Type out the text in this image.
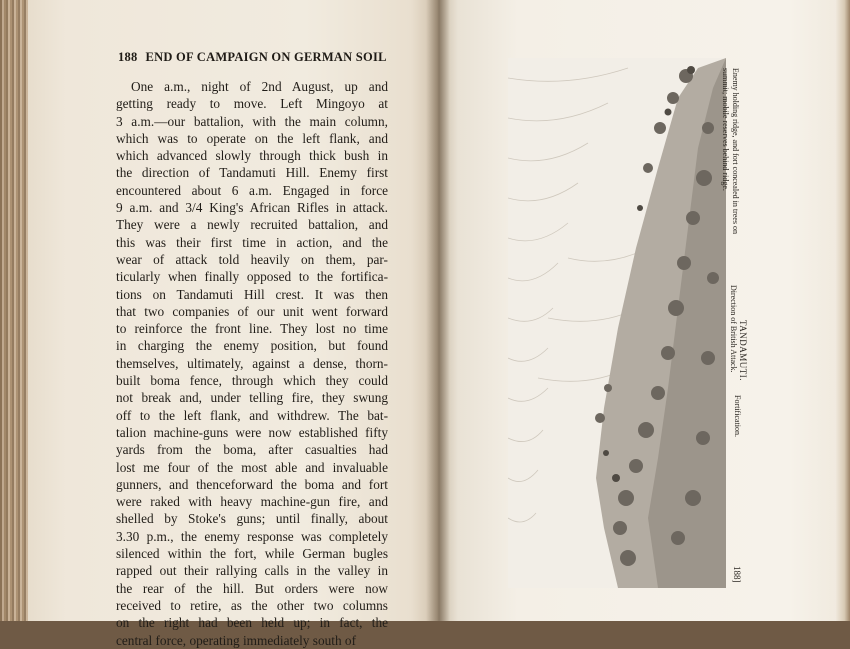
188 END OF CAMPAIGN ON GERMAN SOIL
One a.m., night of 2nd August, up and
getting ready to move. Left Mingoyo at
3 a.m.—our battalion, with the main column,
which was to operate on the left flank, and
which advanced slowly through thick bush in
the direction of Tandamuti Hill. Enemy first
encountered about 6 a.m. Engaged in force
9 a.m. and 3/4 King's African Rifles in attack.
They were a newly recruited battalion, and
this was their first time in action, and the
wear of attack told heavily on them, par-
ticularly when finally opposed to the fortifica-
tions on Tandamuti Hill crest. It was then
that two companies of our unit went forward
to reinforce the front line. They lost no time
in charging the enemy position, but found
themselves, ultimately, against a dense, thorn-
built boma fence, through which they could
not break and, under telling fire, they swung
off to the left flank, and withdrew. The bat-
talion machine-guns were now established fifty
yards from the boma, after casualties had
lost me four of the most able and invaluable
gunners, and thenceforward the boma and fort
were raked with heavy machine-gun fire, and
shelled by Stoke's guns; until finally, about
3.30 p.m., the enemy response was completely
silenced within the fort, while German bugles
rapped out their rallying calls in the valley in
the rear of the hill. But orders were now
received to retire, as the other two columns
on the right had been held up; in fact, the
central force, operating immediately south of
Enemy holding ridge, and fort concealed in trees on
summit; mobile reserves behind ridge.
TANDAMUTI.
Direction of British Attack.
Fortification.
188]
